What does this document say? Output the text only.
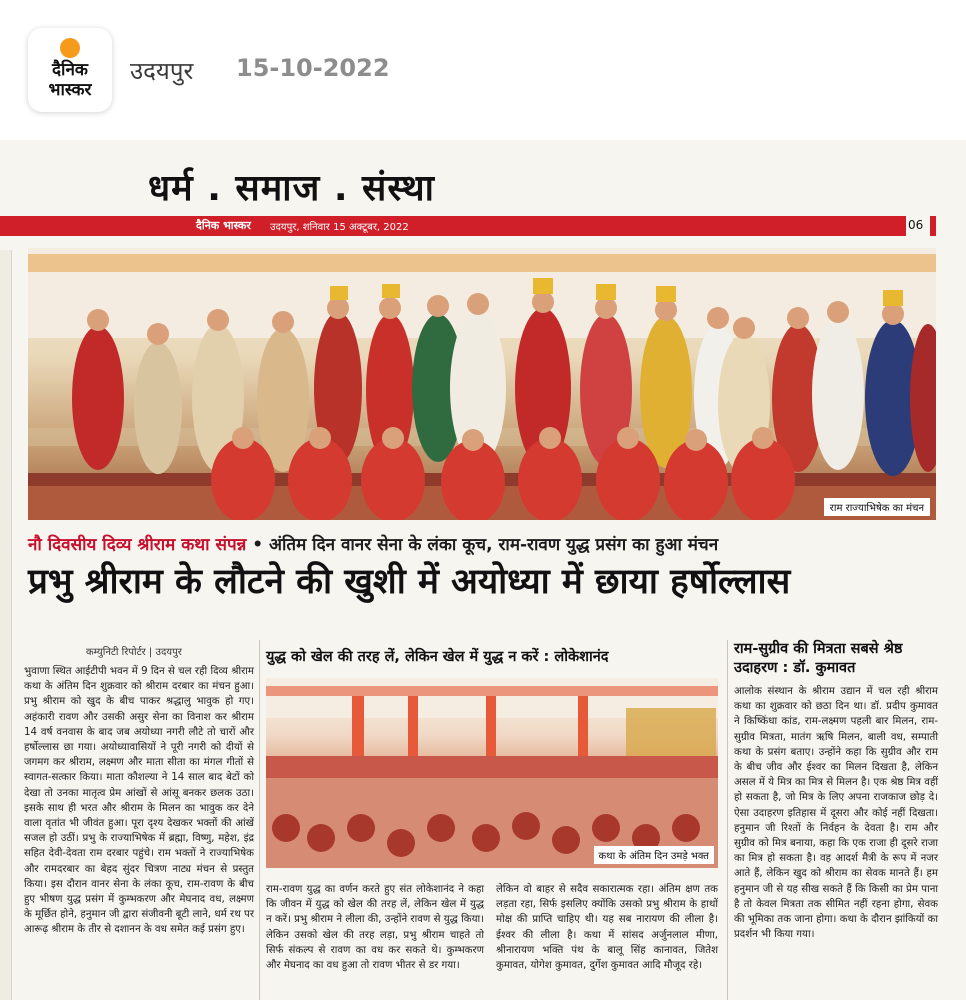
दैनिक
भास्कर
उदयपुर 15-10-2022
धर्म . समाज . संस्था
दैनिक भास्कर उदयपुर, शनिवार 15 अक्टूबर, 2022	06
राम राज्याभिषेक का मंचन
नौ दिवसीय दिव्य श्रीराम कथा संपन्न • अंतिम दिन वानर सेना के लंका कूच, राम-रावण युद्ध प्रसंग का हुआ मंचन
प्रभु श्रीराम के लौटने की खुशी में अयोध्या में छाया हर्षोल्लास
कम्युनिटी रिपोर्टर | उदयपुर
भुवाणा स्थित आईटीपी भवन में 9 दिन से चल रही दिव्य श्रीराम कथा के अंतिम दिन शुक्रवार को श्रीराम दरबार का मंचन हुआ। प्रभु श्रीराम को खुद के बीच पाकर श्रद्धालु भावुक हो गए। अहंकारी रावण और उसकी असुर सेना का विनाश कर श्रीराम 14 वर्ष वनवास के बाद जब अयोध्या नगरी लौटे तो चारों और हर्षोल्लास छा गया। अयोध्यावासियों ने पूरी नगरी को दीयों से जगमग कर श्रीराम, लक्ष्मण और माता सीता का मंगल गीतों से स्वागत-सत्कार किया। माता कौशल्या ने 14 साल बाद बेटों को देखा तो उनका मातृत्व प्रेम आंखों से आंसू बनकर छलक उठा। इसके साथ ही भरत और श्रीराम के मिलन का भावुक कर देने वाला वृतांत भी जीवंत हुआ। पूरा दृश्य देखकर भक्तों की आंखें सजल हो उठीं। प्रभु के राज्याभिषेक में ब्रह्मा, विष्णु, महेश, इंद्र सहित देवी-देवता राम दरबार पहुंचे। राम भक्तों ने राज्याभिषेक और रामदरबार का बेहद सुंदर चित्रण नाट्य मंचन से प्रस्तुत किया। इस दौरान वानर सेना के लंका कूच, राम-रावण के बीच हुए भीषण युद्ध प्रसंग में कुम्भकरण और मेघनाद वध, लक्ष्मण के मूर्छित होने, हनुमान जी द्वारा संजीवनी बूटी लाने, धर्म रथ पर आरूढ़ श्रीराम के तीर से दशानन के वध समेत कई प्रसंग हुए।
युद्ध को खेल की तरह लें, लेकिन खेल में युद्ध न करें : लोकेशानंद
कथा के अंतिम दिन उमड़े भक्त
राम-रावण युद्ध का वर्णन करते हुए संत लोकेशानंद ने कहा कि जीवन में युद्ध को खेल की तरह लें, लेकिन खेल में युद्ध न करें। प्रभु श्रीराम ने लीला की, उन्होंने रावण से युद्ध किया। लेकिन उसको खेल की तरह लड़ा, प्रभु श्रीराम चाहते तो सिर्फ संकल्प से रावण का वध कर सकते थे। कुम्भकरण और मेघनाद का वध हुआ तो रावण भीतर से डर गया।
लेकिन वो बाहर से सदैव सकारात्मक रहा। अंतिम क्षण तक लड़ता रहा, सिर्फ इसलिए क्योंकि उसको प्रभु श्रीराम के हाथों मोक्ष की प्राप्ति चाहिए थी। यह सब नारायण की लीला है। ईश्वर की लीला है। कथा में सांसद अर्जुनलाल मीणा, श्रीनारायण भक्ति पंथ के बालू सिंह कानावत, जितेश कुमावत, योगेश कुमावत, दुर्गेश कुमावत आदि मौजूद रहे।
राम-सुग्रीव की मित्रता सबसे श्रेष्ठ उदाहरण : डॉ. कुमावत
आलोक संस्थान के श्रीराम उद्यान में चल रही श्रीराम कथा का शुक्रवार को छठा दिन था। डॉ. प्रदीप कुमावत ने किष्किंधा कांड, राम-लक्ष्मण पहली बार मिलन, राम-सुग्रीव मित्रता, मातंग ऋषि मिलन, बाली वध, सम्पाती कथा के प्रसंग बताए। उन्होंने कहा कि सुग्रीव और राम के बीच जीव और ईश्वर का मिलन दिखता है, लेकिन असल में ये मित्र का मित्र से मिलन है। एक श्रेष्ठ मित्र वहीं हो सकता है, जो मित्र के लिए अपना राजकाज छोड़ दे। ऐसा उदाहरण इतिहास में दूसरा और कोई नहीं दिखता। हनुमान जी रिश्तों के निर्वहन के देवता है। राम और सुग्रीव को मित्र बनाया, कहा कि एक राजा ही दूसरे राजा का मित्र हो सकता है। वह आदर्श मैत्री के रूप में नजर आते हैं, लेकिन खुद को श्रीराम का सेवक मानते हैं। हम हनुमान जी से यह सीख सकते हैं कि किसी का प्रेम पाना है तो केवल मित्रता तक सीमित नहीं रहना होगा, सेवक की भूमिका तक जाना होगा। कथा के दौरान झांकियों का प्रदर्शन भी किया गया।
